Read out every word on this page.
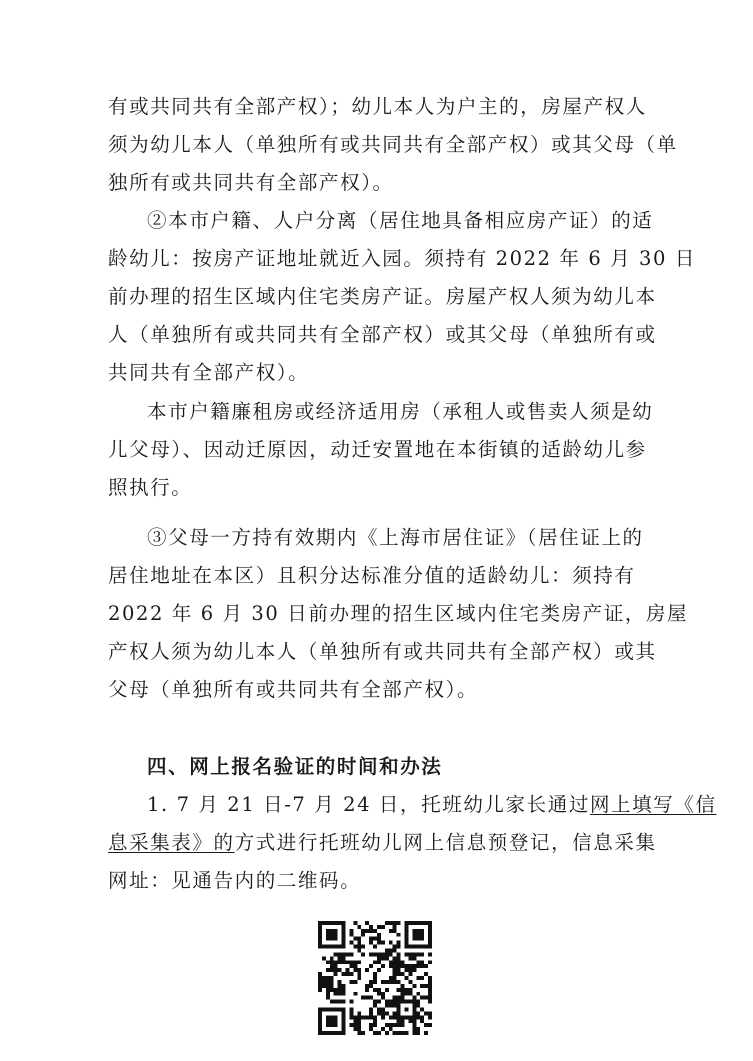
有或共同共有全部产权）；幼儿本人为户主的，房屋产权人
须为幼儿本人（单独所有或共同共有全部产权）或其父母（单
独所有或共同共有全部产权）。
②本市户籍、人户分离（居住地具备相应房产证）的适
龄幼儿：按房产证地址就近入园。须持有 2022 年 6 月 30 日
前办理的招生区域内住宅类房产证。房屋产权人须为幼儿本
人（单独所有或共同共有全部产权）或其父母（单独所有或
共同共有全部产权）。
本市户籍廉租房或经济适用房（承租人或售卖人须是幼
儿父母）、因动迁原因，动迁安置地在本街镇的适龄幼儿参
照执行。
③父母一方持有效期内《上海市居住证》（居住证上的
居住地址在本区）且积分达标准分值的适龄幼儿：须持有
2022 年 6 月 30 日前办理的招生区域内住宅类房产证，房屋
产权人须为幼儿本人（单独所有或共同共有全部产权）或其
父母（单独所有或共同共有全部产权）。
四、网上报名验证的时间和办法
1. 7 月 21 日-7 月 24 日，托班幼儿家长通过网上填写《信
息采集表》的方式进行托班幼儿网上信息预登记，信息采集
网址：见通告内的二维码。
